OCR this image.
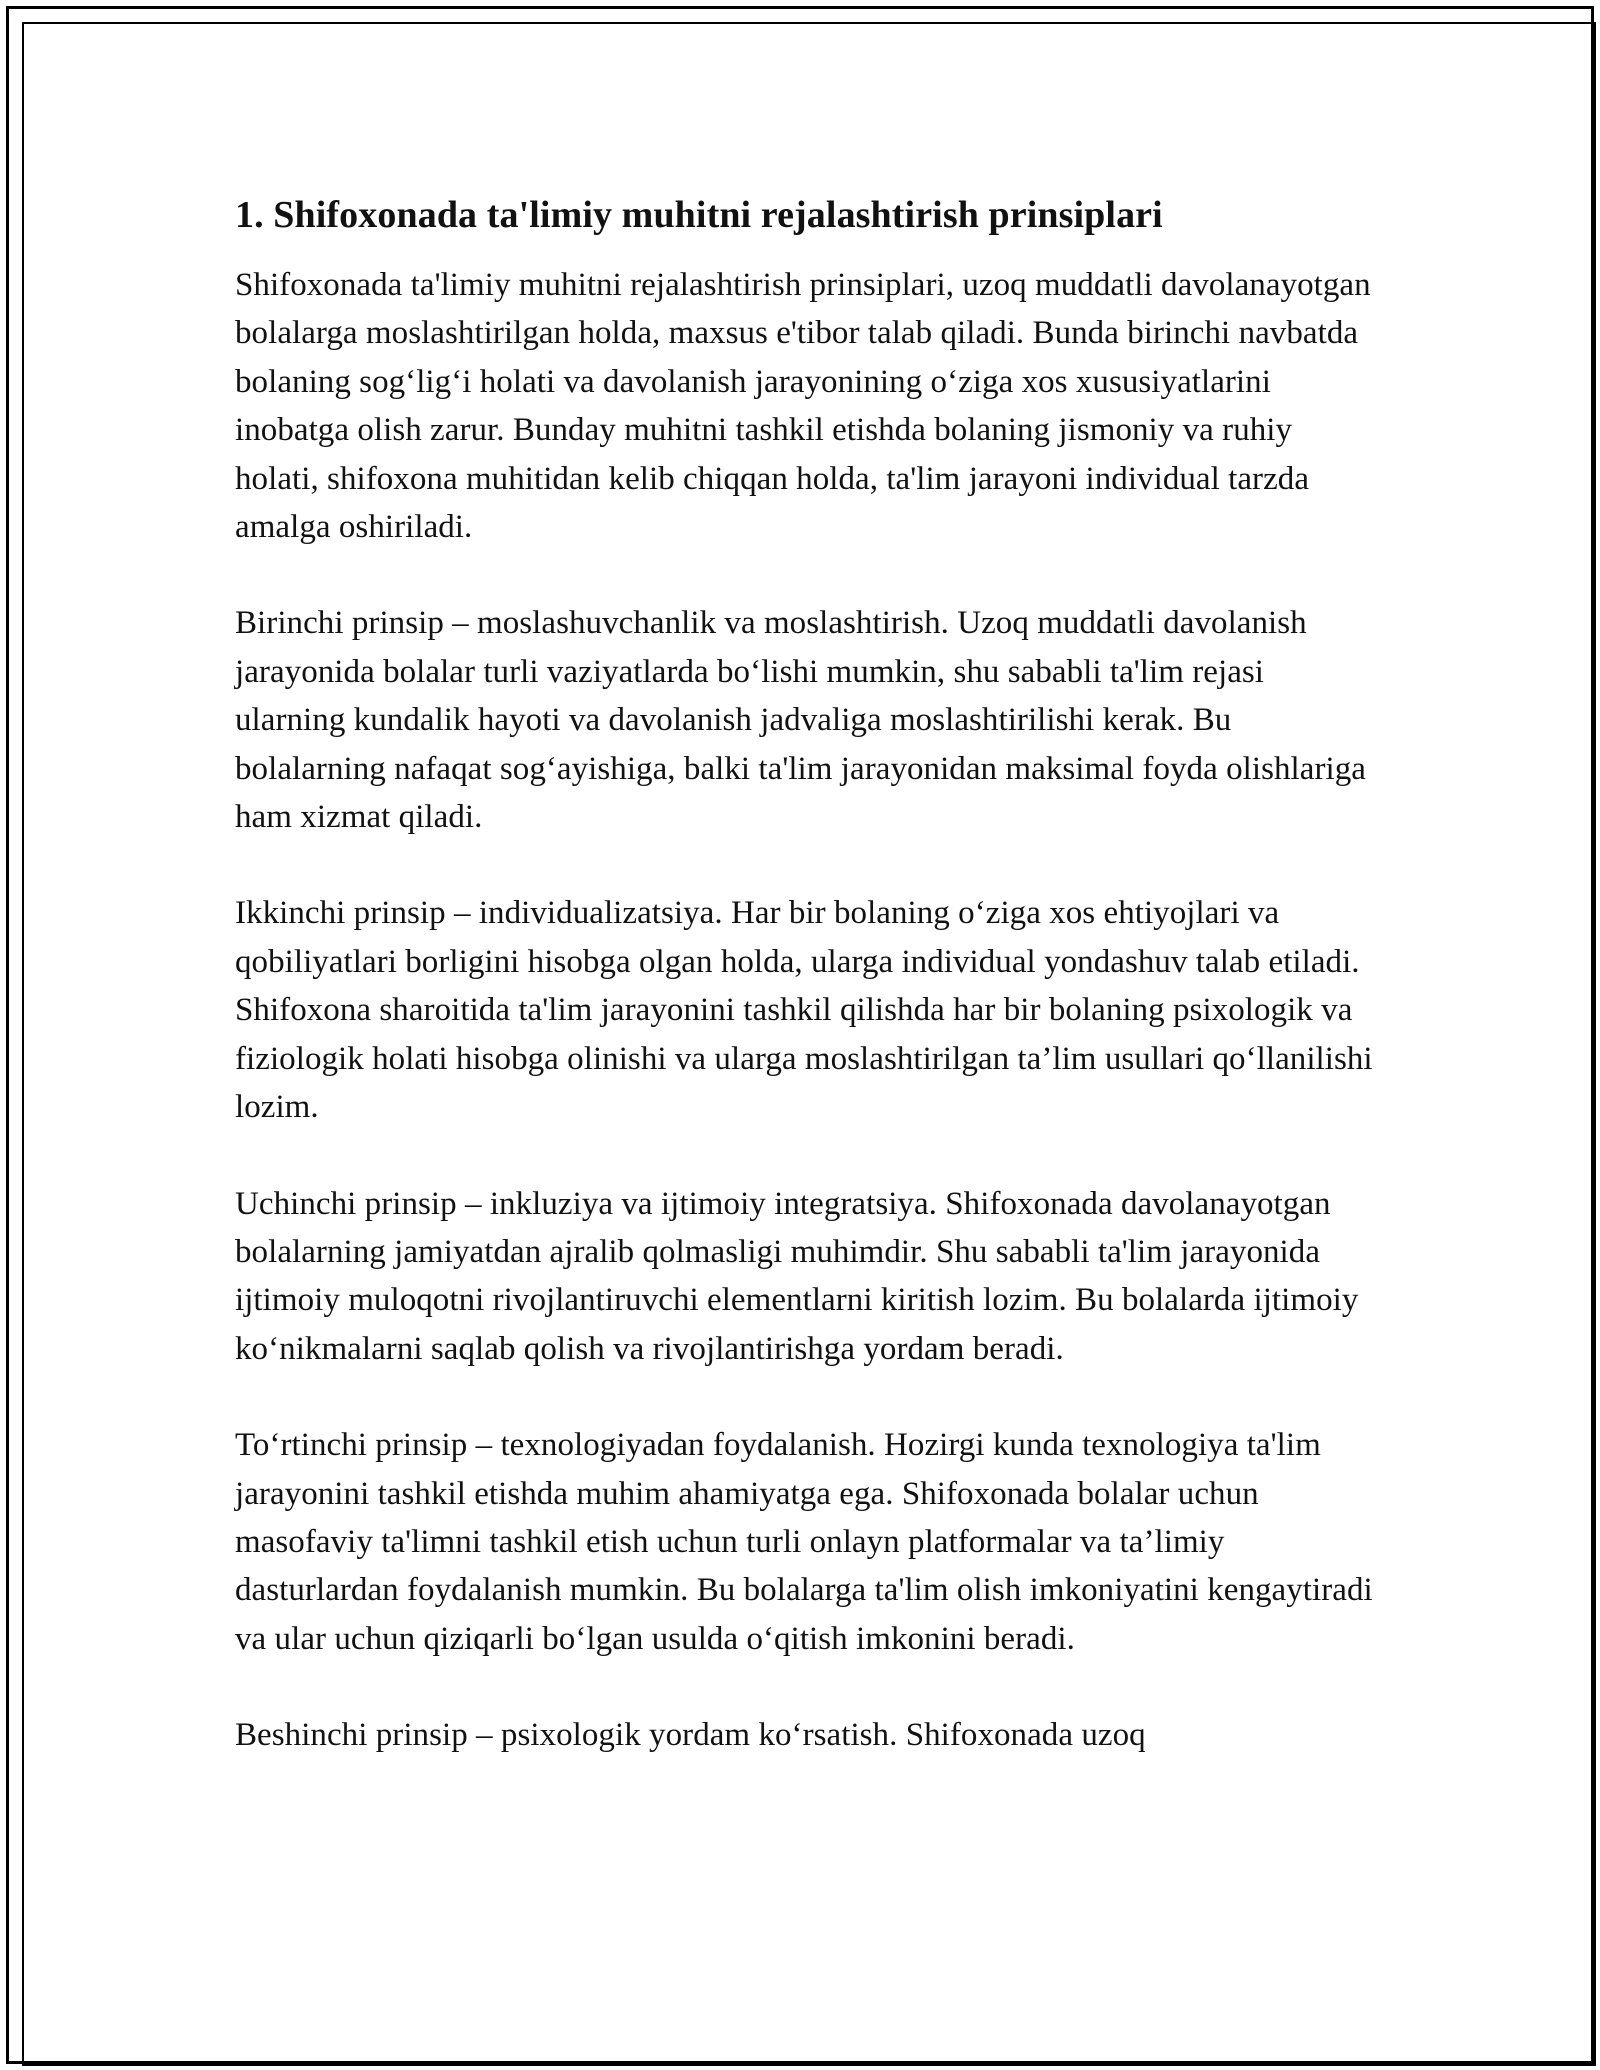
1. Shifoxonada ta'limiy muhitni rejalashtirish prinsiplari

Shifoxonada ta'limiy muhitni rejalashtirish prinsiplari, uzoq muddatli davolanayotgan bolalarga moslashtirilgan holda, maxsus e'tibor talab qiladi. Bunda birinchi navbatda bolaning sog‘lig‘i holati va davolanish jarayonining o‘ziga xos xususiyatlarini inobatga olish zarur. Bunday muhitni tashkil etishda bolaning jismoniy va ruhiy holati, shifoxona muhitidan kelib chiqqan holda, ta'lim jarayoni individual tarzda amalga oshiriladi.

Birinchi prinsip – moslashuvchanlik va moslashtirish. Uzoq muddatli davolanish jarayonida bolalar turli vaziyatlarda bo‘lishi mumkin, shu sababli ta'lim rejasi ularning kundalik hayoti va davolanish jadvaliga moslashtirilishi kerak. Bu bolalarning nafaqat sog‘ayishiga, balki ta'lim jarayonidan maksimal foyda olishlariga ham xizmat qiladi.

Ikkinchi prinsip – individualizatsiya. Har bir bolaning o‘ziga xos ehtiyojlari va qobiliyatlari borligini hisobga olgan holda, ularga individual yondashuv talab etiladi. Shifoxona sharoitida ta'lim jarayonini tashkil qilishda har bir bolaning psixologik va fiziologik holati hisobga olinishi va ularga moslashtirilgan ta’lim usullari qo‘llanilishi lozim.

Uchinchi prinsip – inkluziya va ijtimoiy integratsiya. Shifoxonada davolanayotgan bolalarning jamiyatdan ajralib qolmasligi muhimdir. Shu sababli ta'lim jarayonida ijtimoiy muloqotni rivojlantiruvchi elementlarni kiritish lozim. Bu bolalarda ijtimoiy ko‘nikmalarni saqlab qolish va rivojlantirishga yordam beradi.

To‘rtinchi prinsip – texnologiyadan foydalanish. Hozirgi kunda texnologiya ta'lim jarayonini tashkil etishda muhim ahamiyatga ega. Shifoxonada bolalar uchun masofaviy ta'limni tashkil etish uchun turli onlayn platformalar va ta’limiy dasturlardan foydalanish mumkin. Bu bolalarga ta'lim olish imkoniyatini kengaytiradi va ular uchun qiziqarli bo‘lgan usulda o‘qitish imkonini beradi.

Beshinchi prinsip – psixologik yordam ko‘rsatish. Shifoxonada uzoq
